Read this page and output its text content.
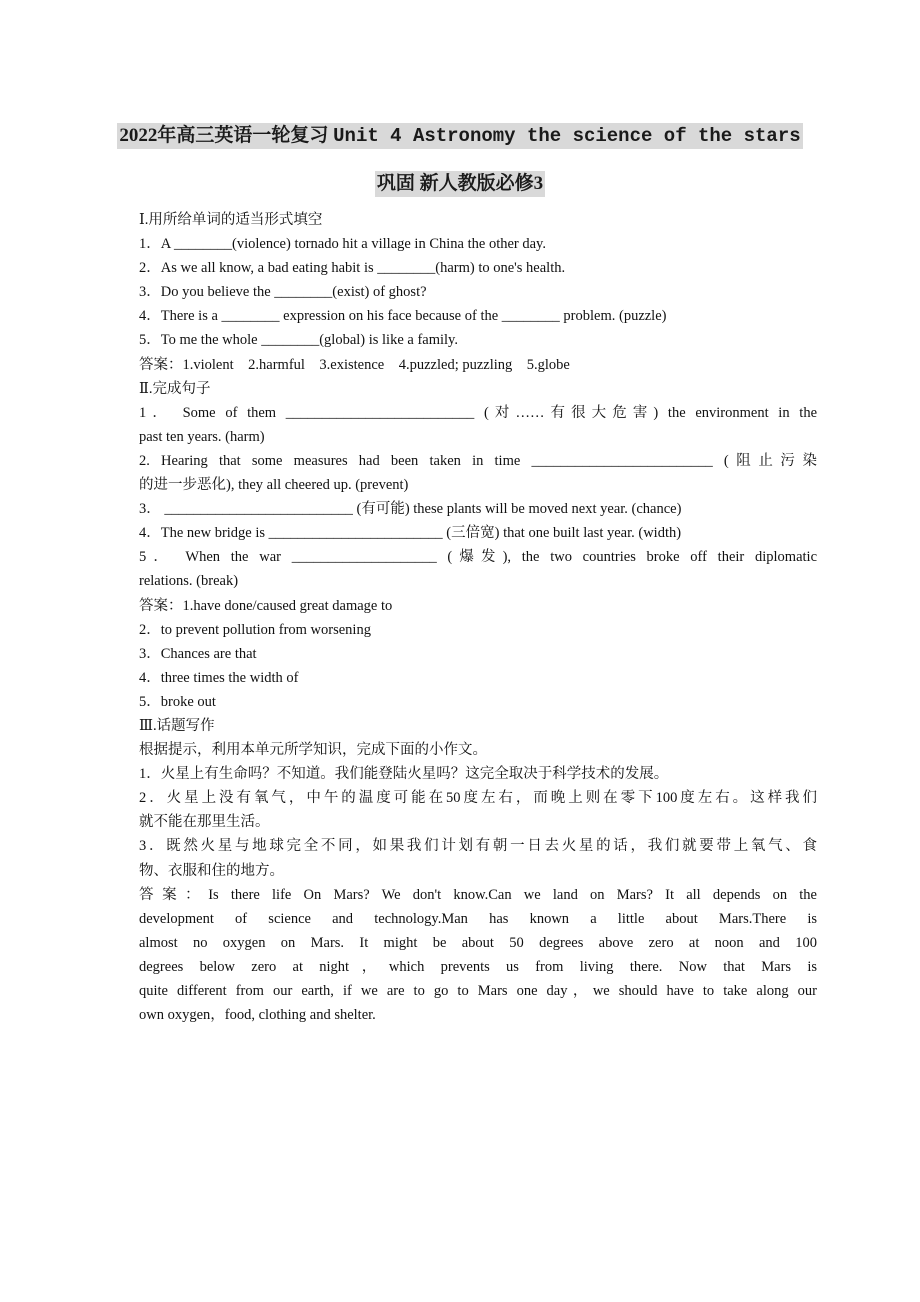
2022年高三英语一轮复习 Unit 4 Astronomy the science of the stars
巩固 新人教版必修3
Ⅰ.用所给单词的适当形式填空
1．A ________(violence) tornado hit a village in China the other day.
2．As we all know, a bad eating habit is ________(harm) to one's health.
3．Do you believe the ________(exist) of ghost?
4．There is a ________ expression on his face because of the ________ problem. (puzzle)
5．To me the whole ________(global) is like a family.
答案：1.violent　2.harmful　3.existence　4.puzzled; puzzling　5.globe
Ⅱ.完成句子
1． Some of them __________________________ (对……有很大危害) the environment in the
past ten years. (harm)
2. Hearing that some measures had been taken in time _________________________ (阻止污染
的进一步恶化), they all cheered up. (prevent)
3． __________________________ (有可能) these plants will be moved next year. (chance)
4．The new bridge is ________________________ (三倍宽) that one built last year. (width)
5． When the war ____________________ (爆发), the two countries broke off their diplomatic
relations. (break)
答案：1.have done/caused great damage to
2．to prevent pollution from worsening
3．Chances are that
4．three times the width of
5．broke out
Ⅲ.话题写作
根据提示，利用本单元所学知识，完成下面的小作文。
1．火星上有生命吗？不知道。我们能登陆火星吗？这完全取决于科学技术的发展。
2．火星上没有氧气，中午的温度可能在50度左右，而晚上则在零下100度左右。这样我们
就不能在那里生活。
3．既然火星与地球完全不同，如果我们计划有朝一日去火星的话，我们就要带上氧气、食
物、衣服和住的地方。
答案：Is there life On Mars? We don't know.Can we land on Mars? It all depends on the
development of science and technology.Man has known a little about Mars.There is
almost no oxygen on Mars. It might be about 50 degrees above zero at noon and 100
degrees below zero at night，which prevents us from living there. Now that Mars is
quite different from our earth, if we are to go to Mars one day，we should have to take along our
own oxygen，food, clothing and shelter.
